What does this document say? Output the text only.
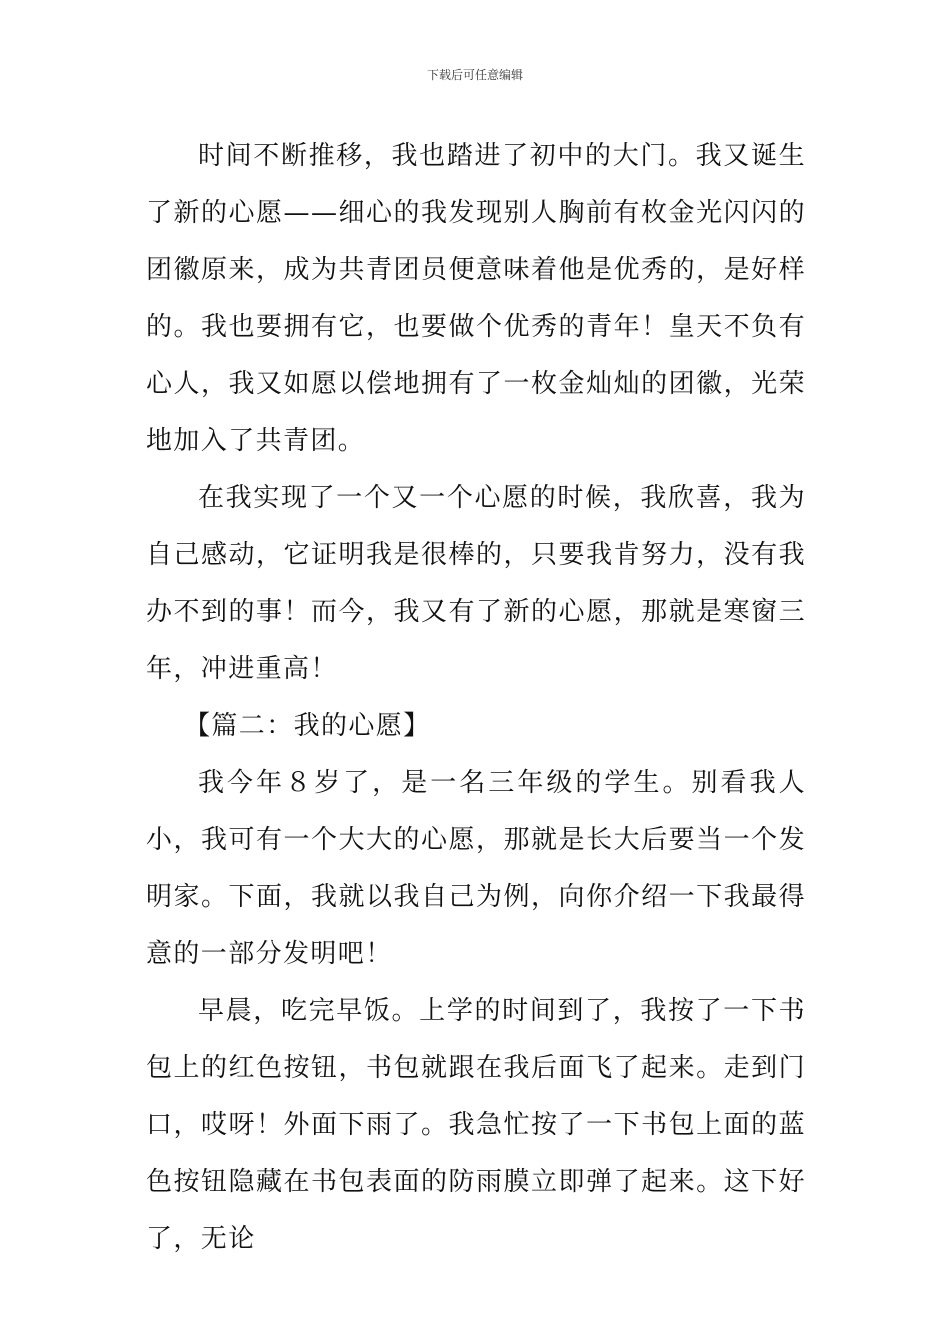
下载后可任意编辑

时间不断推移，我也踏进了初中的大门。我又诞生了新的心愿——细心的我发现别人胸前有枚金光闪闪的团徽原来，成为共青团员便意味着他是优秀的，是好样的。我也要拥有它，也要做个优秀的青年！皇天不负有心人，我又如愿以偿地拥有了一枚金灿灿的团徽，光荣地加入了共青团。

在我实现了一个又一个心愿的时候，我欣喜，我为自己感动，它证明我是很棒的，只要我肯努力，没有我办不到的事！而今，我又有了新的心愿，那就是寒窗三年，冲进重高！

【篇二：我的心愿】

我今年８岁了，是一名三年级的学生。别看我人小，我可有一个大大的心愿，那就是长大后要当一个发明家。下面，我就以我自己为例，向你介绍一下我最得意的一部分发明吧！

早晨，吃完早饭。上学的时间到了，我按了一下书包上的红色按钮，书包就跟在我后面飞了起来。走到门口，哎呀！外面下雨了。我急忙按了一下书包上面的蓝色按钮隐藏在书包表面的防雨膜立即弹了起来。这下好了，无论
